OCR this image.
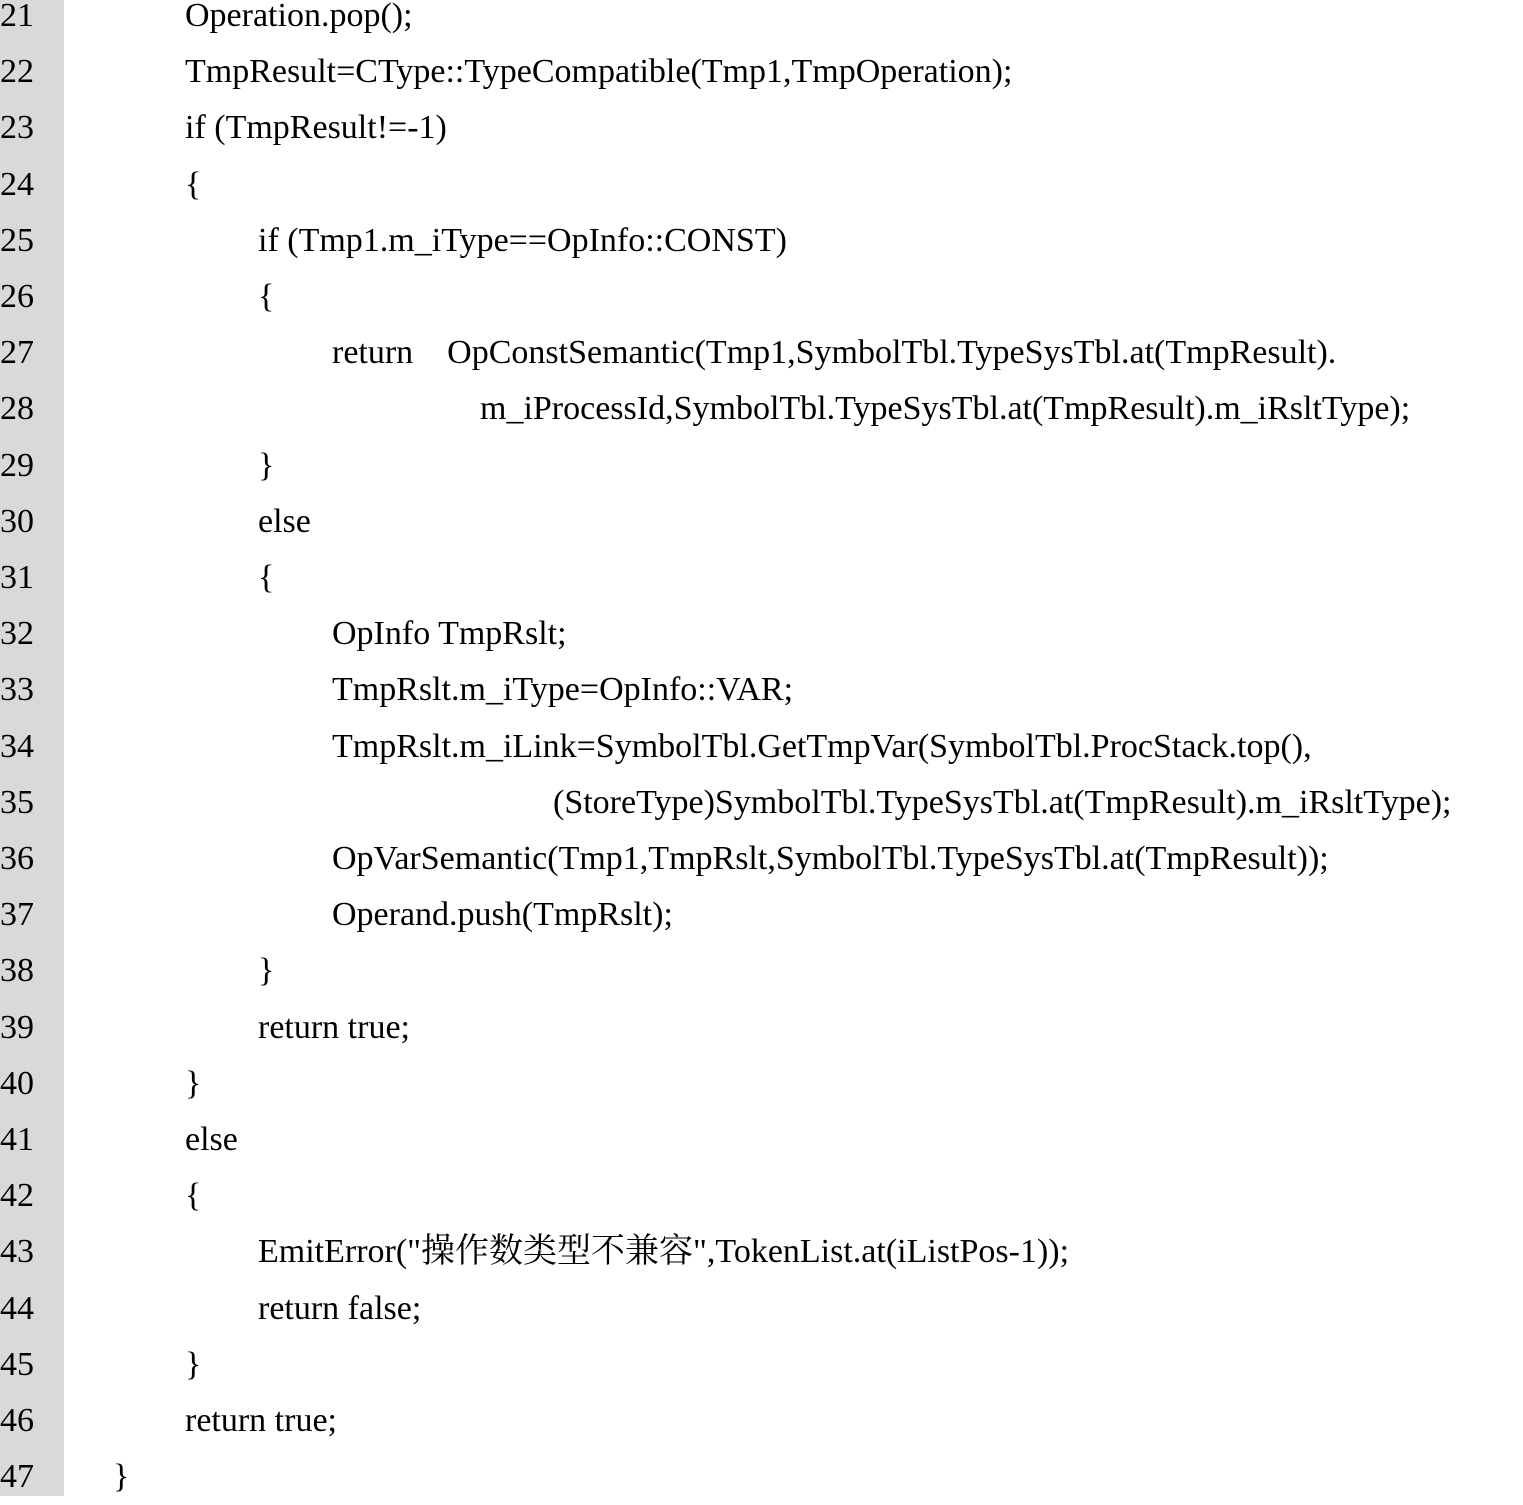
21	Operation.pop();
22	TmpResult=CType::TypeCompatible(Tmp1,TmpOperation);
23	if (TmpResult!=-1)
24	{
25	if (Tmp1.m_iType==OpInfo::CONST)
26	{
27	return    OpConstSemantic(Tmp1,SymbolTbl.TypeSysTbl.at(TmpResult).
28	m_iProcessId,SymbolTbl.TypeSysTbl.at(TmpResult).m_iRsltType);
29	}
30	else
31	{
32	OpInfo TmpRslt;
33	TmpRslt.m_iType=OpInfo::VAR;
34	TmpRslt.m_iLink=SymbolTbl.GetTmpVar(SymbolTbl.ProcStack.top(),
35	(StoreType)SymbolTbl.TypeSysTbl.at(TmpResult).m_iRsltType);
36	OpVarSemantic(Tmp1,TmpRslt,SymbolTbl.TypeSysTbl.at(TmpResult));
37	Operand.push(TmpRslt);
38	}
39	return true;
40	}
41	else
42	{
43	EmitError("操作数类型不兼容",TokenList.at(iListPos-1));
44	return false;
45	}
46	return true;
47	}
